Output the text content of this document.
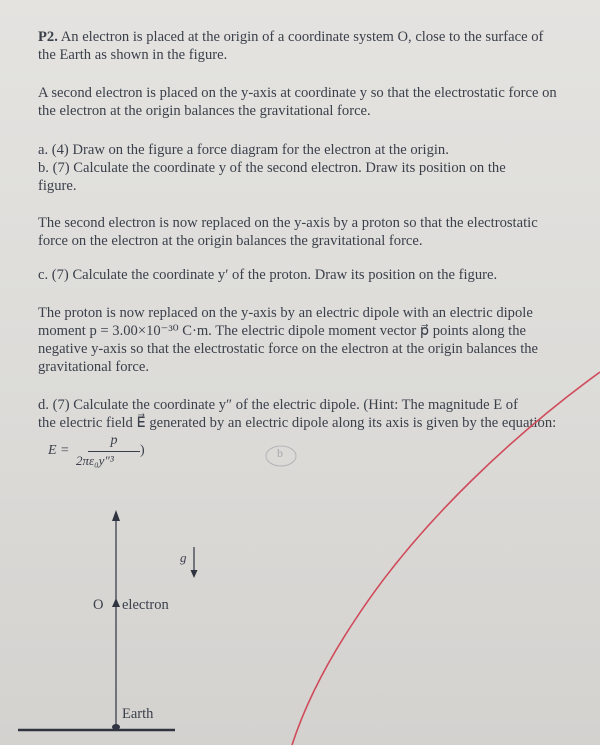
P2. An electron is placed at the origin of a coordinate system O, close to the surface of
the Earth as shown in the figure.

A second electron is placed on the y-axis at coordinate y so that the electrostatic force on
the electron at the origin balances the gravitational force.

a. (4) Draw on the figure a force diagram for the electron at the origin.
b. (7) Calculate the coordinate y of the second electron. Draw its position on the
figure.

The second electron is now replaced on the y-axis by a proton so that the electrostatic
force on the electron at the origin balances the gravitational force.

c. (7) Calculate the coordinate y′ of the proton. Draw its position on the figure.

The proton is now replaced on the y-axis by an electric dipole with an electric dipole
moment p = 3.00×10⁻³⁰ C·m. The electric dipole moment vector p⃗ points along the
negative y-axis so that the electrostatic force on the electron at the origin balances the
gravitational force.

d. (7) Calculate the coordinate y″ of the electric dipole. (Hint: The magnitude E of
the electric field E⃗ generated by an electric dipole along its axis is given by the equation:

E =
p
2πε₀y″³
)	b
g
O electron
Earth
